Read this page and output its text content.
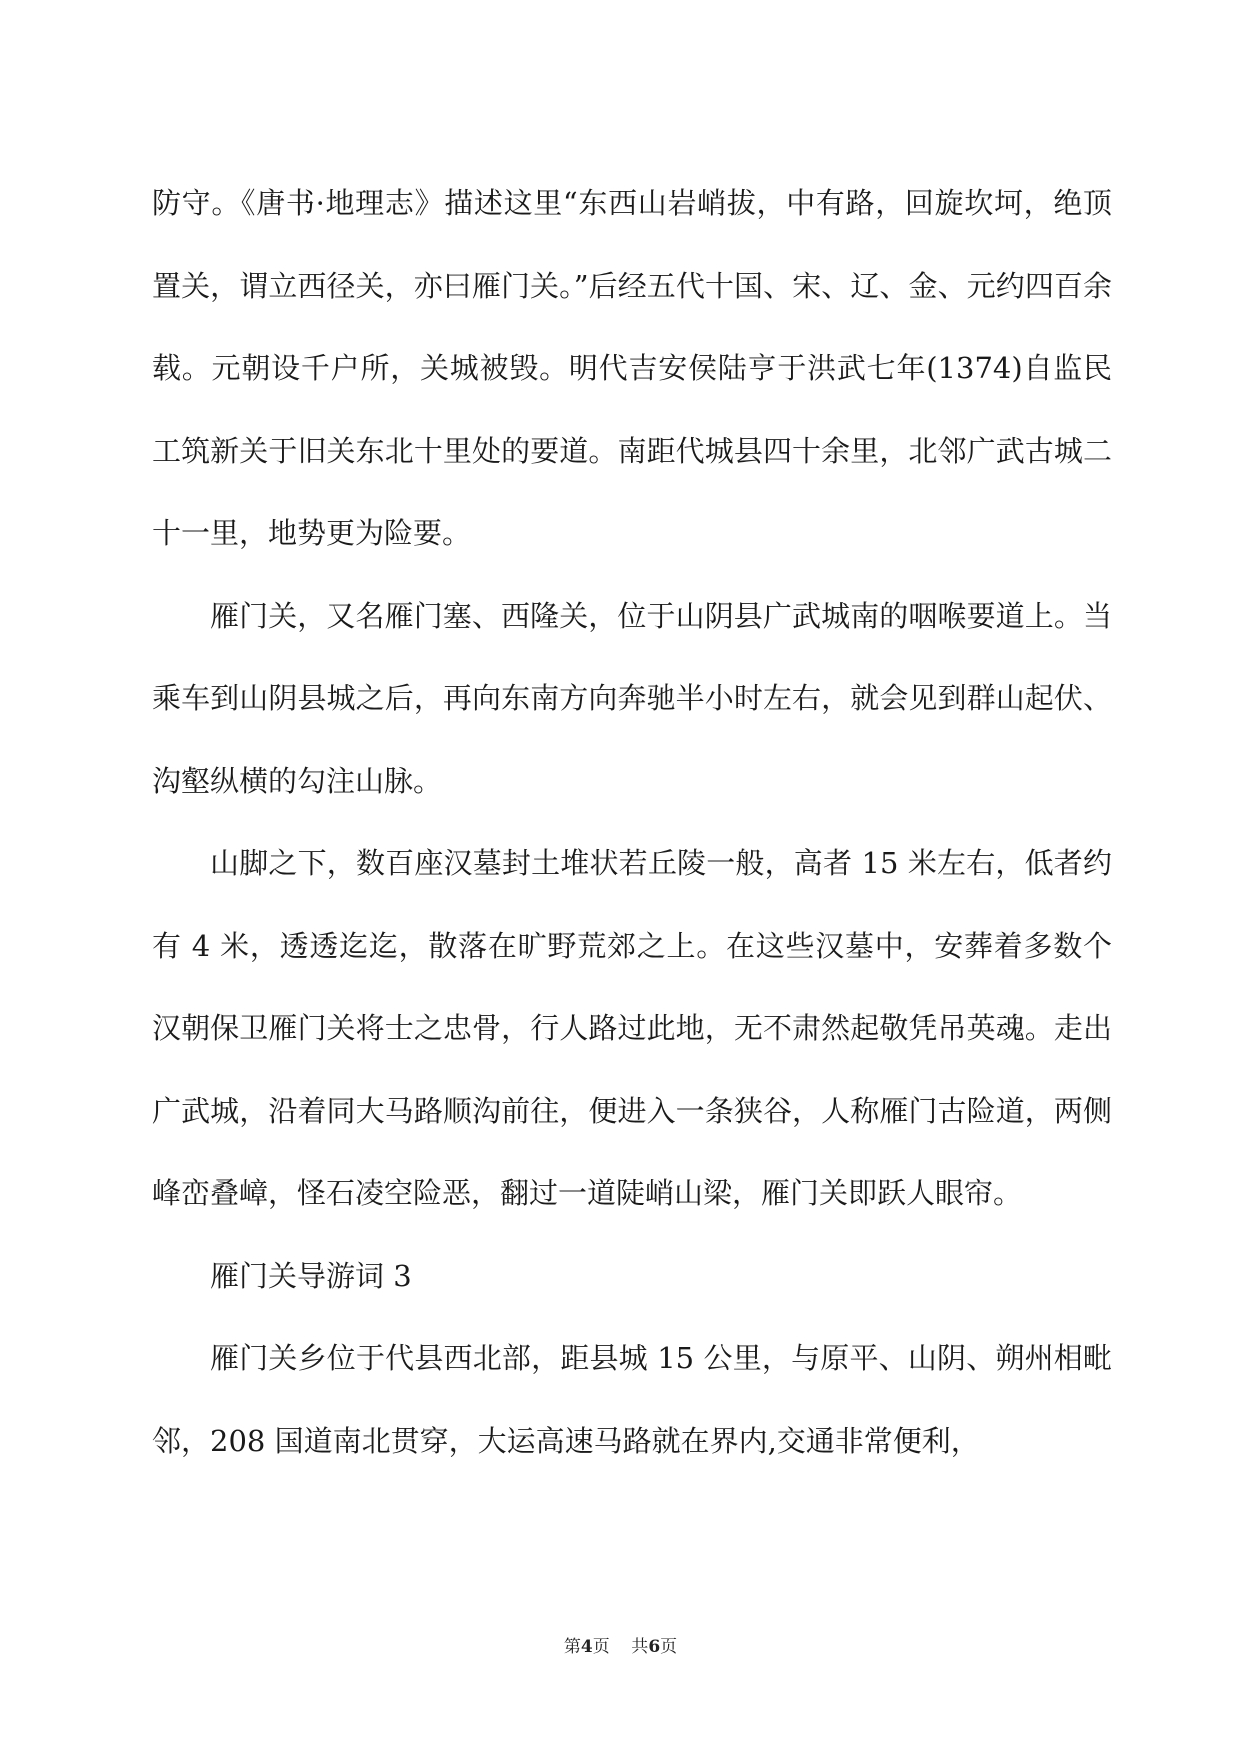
防守。《唐书·地理志》描述这里“东西山岩峭拔，中有路，回旋坎坷，绝顶置关，谓立西径关，亦曰雁门关。”后经五代十国、宋、辽、金、元约四百余载。元朝设千户所，关城被毁。明代吉安侯陆亨于洪武七年(1374)自监民工筑新关于旧关东北十里处的要道。南距代城县四十余里，北邻广武古城二十一里，地势更为险要。

雁门关，又名雁门塞、西隆关，位于山阴县广武城南的咽喉要道上。当乘车到山阴县城之后，再向东南方向奔驰半小时左右，就会见到群山起伏、沟壑纵横的勾注山脉。

山脚之下，数百座汉墓封土堆状若丘陵一般，高者 15 米左右，低者约有 4 米，透透迄迄，散落在旷野荒郊之上。在这些汉墓中，安葬着多数个汉朝保卫雁门关将士之忠骨，行人路过此地，无不肃然起敬凭吊英魂。走出广武城，沿着同大马路顺沟前往，便进入一条狭谷，人称雁门古险道，两侧峰峦叠嶂，怪石凌空险恶，翻过一道陡峭山梁，雁门关即跃人眼帘。

雁门关导游词 3

雁门关乡位于代县西北部，距县城 15 公里，与原平、山阴、朔州相毗邻，208 国道南北贯穿，大运高速马路就在界内,交通非常便利，

第4页    共6页
